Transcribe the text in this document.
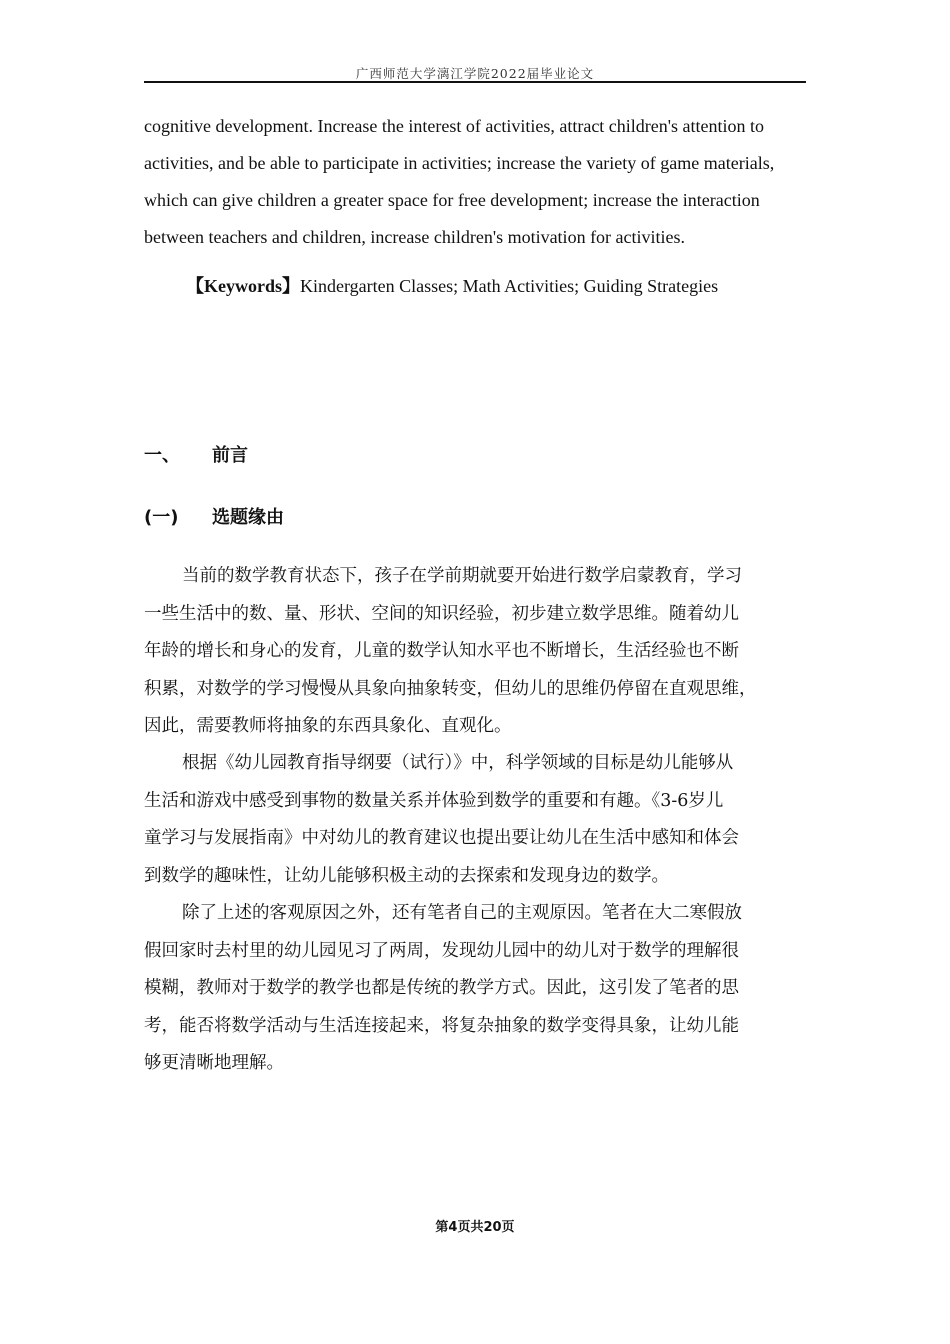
广西师范大学漓江学院2022届毕业论文

cognitive development. Increase the interest of activities, attract children's attention to
activities, and be able to participate in activities; increase the variety of game materials,
which can give children a greater space for free development; increase the interaction
between teachers and children, increase children's motivation for activities.

【Keywords】Kindergarten Classes; Math Activities; Guiding Strategies
一、 前言
(一) 选题缘由

当前的数学教育状态下，孩子在学前期就要开始进行数学启蒙教育，学习
一些生活中的数、量、形状、空间的知识经验，初步建立数学思维。随着幼儿
年龄的增长和身心的发育，儿童的数学认知水平也不断增长，生活经验也不断
积累，对数学的学习慢慢从具象向抽象转变，但幼儿的思维仍停留在直观思维，
因此，需要教师将抽象的东西具象化、直观化。

根据《幼儿园教育指导纲要（试行）》中，科学领域的目标是幼儿能够从
生活和游戏中感受到事物的数量关系并体验到数学的重要和有趣。《3-6岁儿
童学习与发展指南》中对幼儿的教育建议也提出要让幼儿在生活中感知和体会
到数学的趣味性，让幼儿能够积极主动的去探索和发现身边的数学。

除了上述的客观原因之外，还有笔者自己的主观原因。笔者在大二寒假放
假回家时去村里的幼儿园见习了两周，发现幼儿园中的幼儿对于数学的理解很
模糊，教师对于数学的教学也都是传统的教学方式。因此，这引发了笔者的思
考，能否将数学活动与生活连接起来，将复杂抽象的数学变得具象，让幼儿能
够更清晰地理解。

第4页共20页
